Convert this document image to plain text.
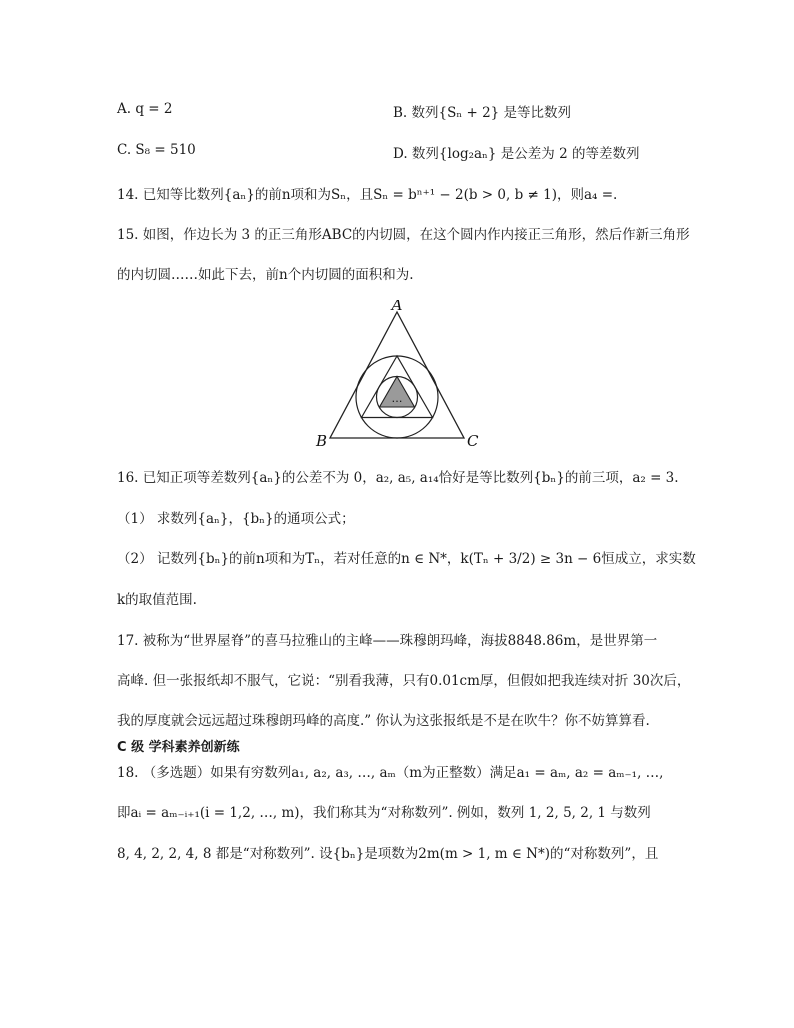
A. q = 2	B. 数列{Sₙ + 2} 是等比数列
C. S₈ = 510	D. 数列{log₂aₙ} 是公差为 2 的等差数列
14. 已知等比数列{aₙ}的前n项和为Sₙ，且Sₙ = bⁿ⁺¹ − 2(b > 0, b ≠ 1)，则a₄ =.
15. 如图，作边长为 3 的正三角形ABC的内切圆，在这个圆内作内接正三角形，然后作新三角形
的内切圆……如此下去，前n个内切圆的面积和为.
…
A
B	C
16. 已知正项等差数列{aₙ}的公差不为 0，a₂, a₅, a₁₄恰好是等比数列{bₙ}的前三项，a₂ = 3.
（1） 求数列{aₙ}，{bₙ}的通项公式；
（2） 记数列{bₙ}的前n项和为Tₙ，若对任意的n ∈ N*，k(Tₙ + 3/2) ≥ 3n − 6恒成立，求实数
k的取值范围.
17. 被称为“世界屋脊”的喜马拉雅山的主峰——珠穆朗玛峰，海拔8848.86m，是世界第一
高峰. 但一张报纸却不服气，它说：“别看我薄，只有0.01cm厚，但假如把我连续对折 30次后，
我的厚度就会远远超过珠穆朗玛峰的高度.” 你认为这张报纸是不是在吹牛？你不妨算算看.
C 级 学科素养创新练
18. （多选题）如果有穷数列a₁, a₂, a₃, …, aₘ（m为正整数）满足a₁ = aₘ, a₂ = aₘ₋₁, …,
即aᵢ = aₘ₋ᵢ₊₁(i = 1,2, …, m)，我们称其为“对称数列”. 例如，数列 1, 2, 5, 2, 1 与数列
8, 4, 2, 2, 4, 8 都是“对称数列”. 设{bₙ}是项数为2m(m > 1, m ∈ N*)的“对称数列”，且
